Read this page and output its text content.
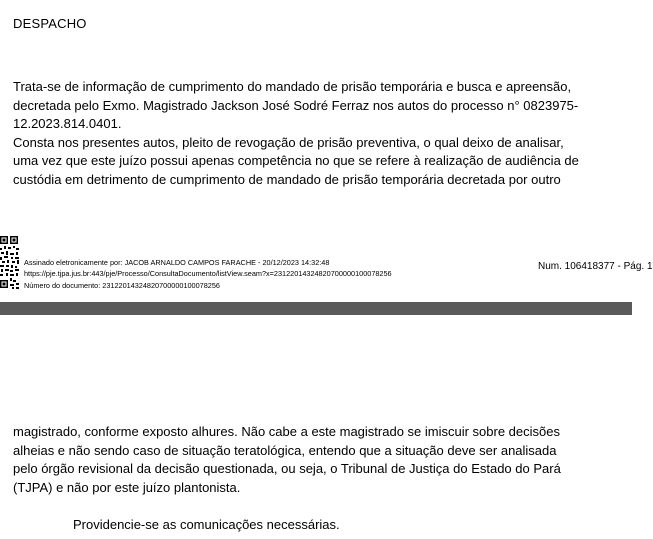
DESPACHO
Trata-se de informação de cumprimento do mandado de prisão temporária e busca e apreensão,
decretada pelo Exmo. Magistrado Jackson José Sodré Ferraz nos autos do processo n° 0823975-
12.2023.814.0401.
Consta nos presentes autos, pleito de revogação de prisão preventiva, o qual deixo de analisar,
uma vez que este juízo possui apenas competência no que se refere à realização de audiência de
custódia em detrimento de cumprimento de mandado de prisão temporária decretada por outro
Assinado eletronicamente por: JACOB ARNALDO CAMPOS FARACHE - 20/12/2023 14:32:48
https://pje.tjpa.jus.br:443/pje/Processo/ConsultaDocumento/listView.seam?x=23122014324820700000100078256
Número do documento: 23122014324820700000100078256
Num. 106418377 - Pág. 1
magistrado, conforme exposto alhures. Não cabe a este magistrado se imiscuir sobre decisões
alheias e não sendo caso de situação teratológica, entendo que a situação deve ser analisada
pelo órgão revisional da decisão questionada, ou seja, o Tribunal de Justiça do Estado do Pará
(TJPA) e não por este juízo plantonista.
Providencie-se as comunicações necessárias.
